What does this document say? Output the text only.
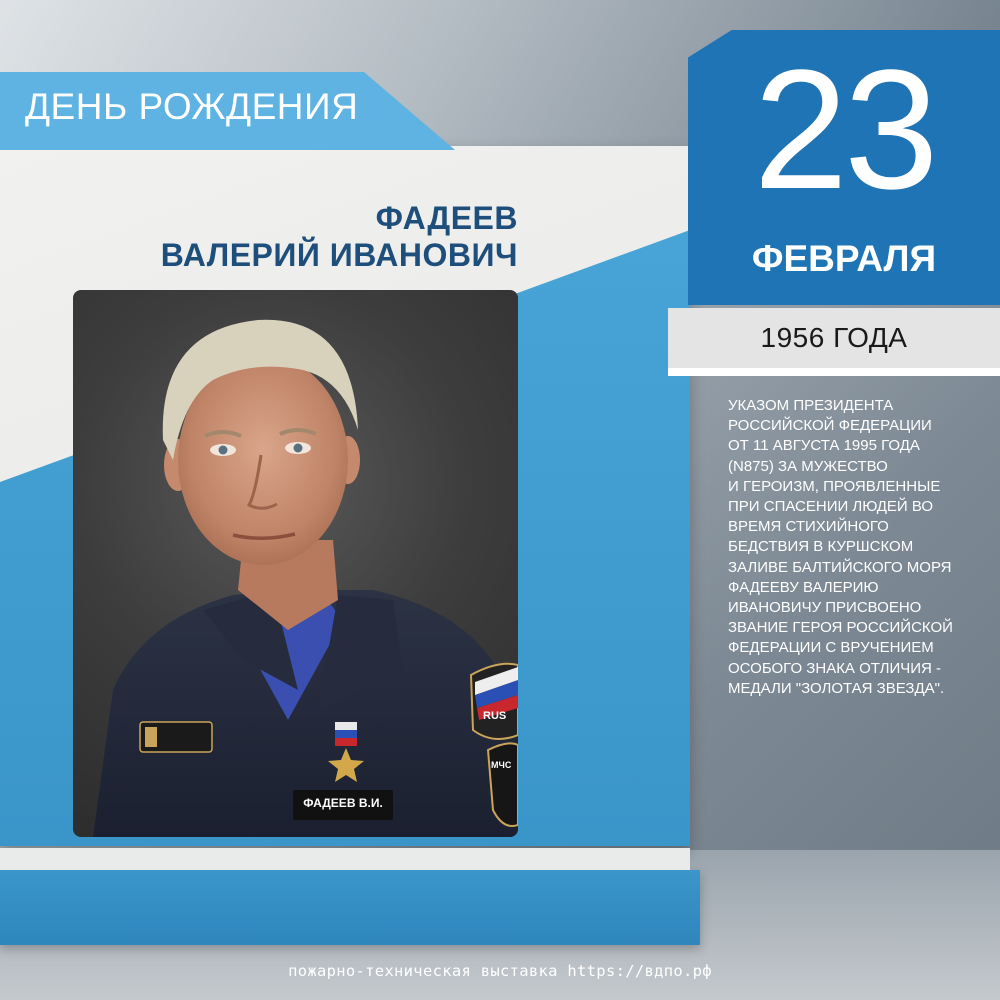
ДЕНЬ РОЖДЕНИЯ
ФАДЕЕВ
ВАЛЕРИЙ ИВАНОВИЧ
ФАДЕЕВ В.И.
RUS
МЧС
23
ФЕВРАЛЯ
1956 ГОДА
УКАЗОМ ПРЕЗИДЕНТА
РОССИЙСКОЙ ФЕДЕРАЦИИ
ОТ 11 АВГУСТА 1995 ГОДА
(N875) ЗА МУЖЕСТВО
И ГЕРОИЗМ, ПРОЯВЛЕННЫЕ
ПРИ СПАСЕНИИ ЛЮДЕЙ ВО
ВРЕМЯ СТИХИЙНОГО
БЕДСТВИЯ В КУРШСКОМ
ЗАЛИВЕ БАЛТИЙСКОГО МОРЯ
ФАДЕЕВУ ВАЛЕРИЮ
ИВАНОВИЧУ ПРИСВОЕНО
ЗВАНИЕ ГЕРОЯ РОССИЙСКОЙ
ФЕДЕРАЦИИ С ВРУЧЕНИЕМ
ОСОБОГО ЗНАКА ОТЛИЧИЯ -
МЕДАЛИ "ЗОЛОТАЯ ЗВЕЗДА".
пожарно-техническая выставка https://вдпо.рф
